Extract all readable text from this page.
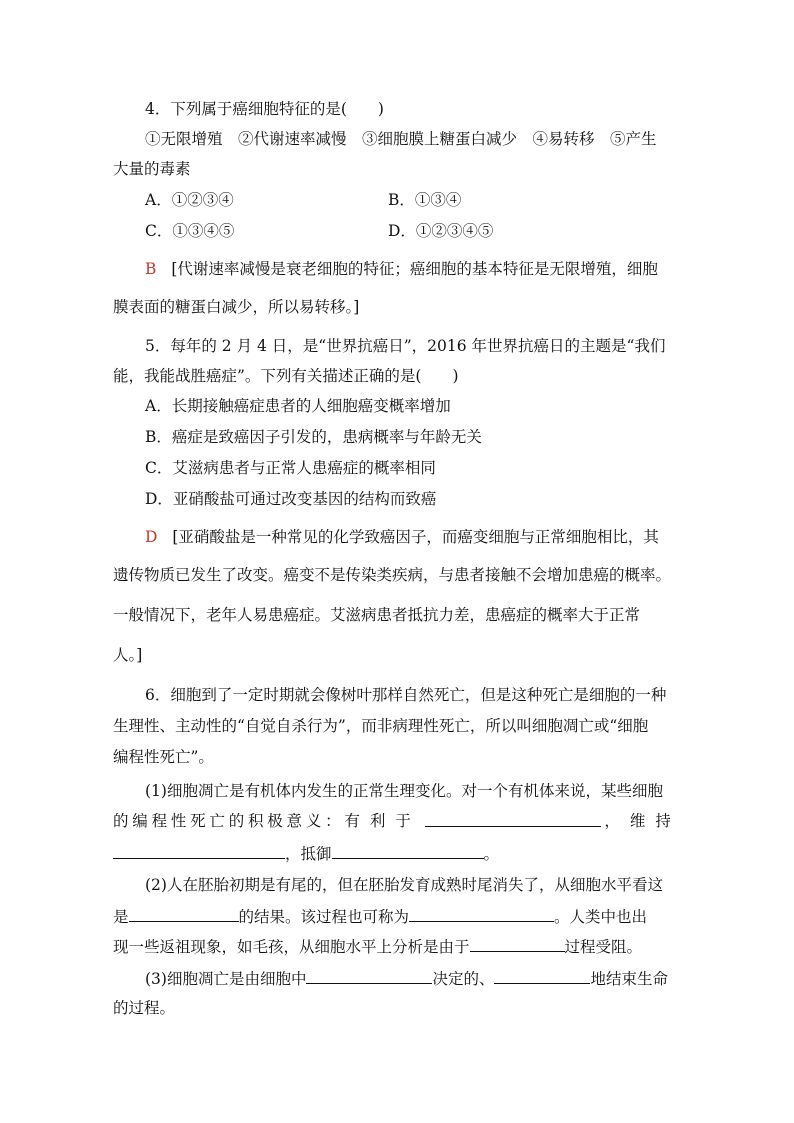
4．下列属于癌细胞特征的是(　　)
①无限增殖　②代谢速率减慢　③细胞膜上糖蛋白减少　④易转移　⑤产生
大量的毒素
A．①②③④	B．①③④
C．①③④⑤	D．①②③④⑤
B [代谢速率减慢是衰老细胞的特征；癌细胞的基本特征是无限增殖，细胞
膜表面的糖蛋白减少，所以易转移。]
5．每年的 2 月 4 日，是“世界抗癌日”，2016 年世界抗癌日的主题是“我们
能，我能战胜癌症”。下列有关描述正确的是(　　)
A．长期接触癌症患者的人细胞癌变概率增加
B．癌症是致癌因子引发的，患病概率与年龄无关
C．艾滋病患者与正常人患癌症的概率相同
D．亚硝酸盐可通过改变基因的结构而致癌
D [亚硝酸盐是一种常见的化学致癌因子，而癌变细胞与正常细胞相比，其
遗传物质已发生了改变。癌变不是传染类疾病，与患者接触不会增加患癌的概率。
一般情况下，老年人易患癌症。艾滋病患者抵抗力差，患癌症的概率大于正常
人。]
6．细胞到了一定时期就会像树叶那样自然死亡，但是这种死亡是细胞的一种
生理性、主动性的“自觉自杀行为”，而非病理性死亡，所以叫细胞凋亡或“细胞
编程性死亡”。
(1)细胞凋亡是有机体内发生的正常生理变化。对一个有机体来说，某些细胞
的 编 程 性 死 亡 的 积 极 意 义 ： 有利于	，维持
，抵御	。
(2)人在胚胎初期是有尾的，但在胚胎发育成熟时尾消失了，从细胞水平看这
是	的结果。该过程也可称为	。人类中也出
现一些返祖现象，如毛孩，从细胞水平上分析是由于	过程受阻。
(3)细胞凋亡是由细胞中	决定的、	地结束生命
的过程。
